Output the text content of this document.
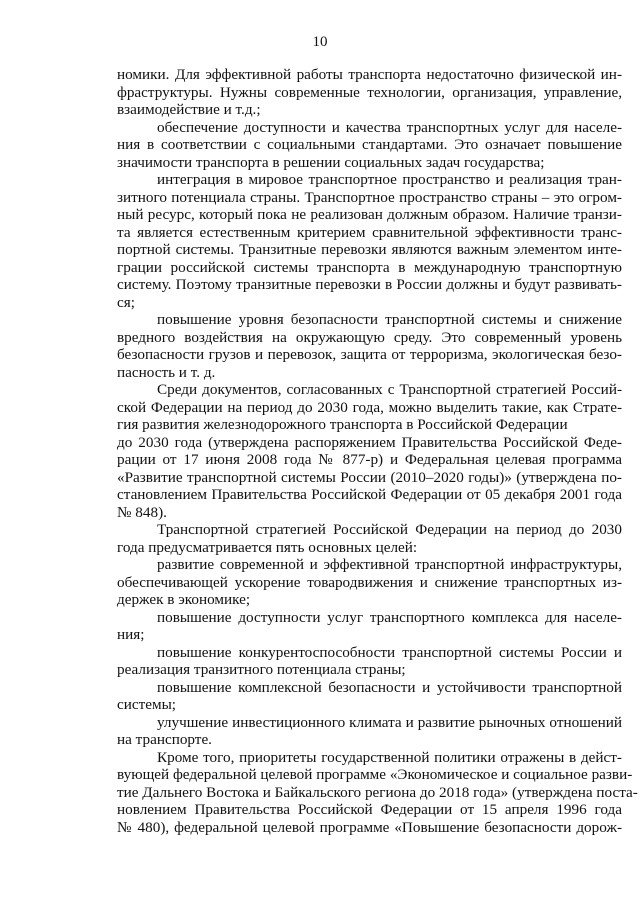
10
номики. Для эффективной работы транспорта недостаточно физической ин-
фраструктуры. Нужны современные технологии, организация, управление,
взаимодействие и т.д.;
обеспечение доступности и качества транспортных услуг для населе-
ния в соответствии с социальными стандартами. Это означает повышение
значимости транспорта в решении социальных задач государства;
интеграция в мировое транспортное пространство и реализация тран-
зитного потенциала страны. Транспортное пространство страны – это огром-
ный ресурс, который пока не реализован должным образом. Наличие транзи-
та является естественным критерием сравнительной эффективности транс-
портной системы. Транзитные перевозки являются важным элементом инте-
грации российской системы транспорта в международную транспортную
систему. Поэтому транзитные перевозки в России должны и будут развивать-
ся;
повышение уровня безопасности транспортной системы и снижение
вредного воздействия на окружающую среду. Это современный уровень
безопасности грузов и перевозок, защита от терроризма, экологическая безо-
пасность и т. д.
Среди документов, согласованных с Транспортной стратегией Россий-
ской Федерации на период до 2030 года, можно выделить такие, как Страте-
гия развития железнодорожного транспорта в Российской Федерации
до 2030 года (утверждена распоряжением Правительства Российской Феде-
рации от 17 июня 2008 года № 877-р) и Федеральная целевая программа
«Развитие транспортной системы России (2010–2020 годы)» (утверждена по-
становлением Правительства Российской Федерации от 05 декабря 2001 года
№ 848).
Транспортной стратегией Российской Федерации на период до 2030
года предусматривается пять основных целей:
развитие современной и эффективной транспортной инфраструктуры,
обеспечивающей ускорение товародвижения и снижение транспортных из-
держек в экономике;
повышение доступности услуг транспортного комплекса для населе-
ния;
повышение конкурентоспособности транспортной системы России и
реализация транзитного потенциала страны;
повышение комплексной безопасности и устойчивости транспортной
системы;
улучшение инвестиционного климата и развитие рыночных отношений
на транспорте.
Кроме того, приоритеты государственной политики отражены в дейст-
вующей федеральной целевой программе «Экономическое и социальное разви-
тие Дальнего Востока и Байкальского региона до 2018 года» (утверждена поста-
новлением Правительства Российской Федерации от 15 апреля 1996 года
№ 480), федеральной целевой программе «Повышение безопасности дорож-
